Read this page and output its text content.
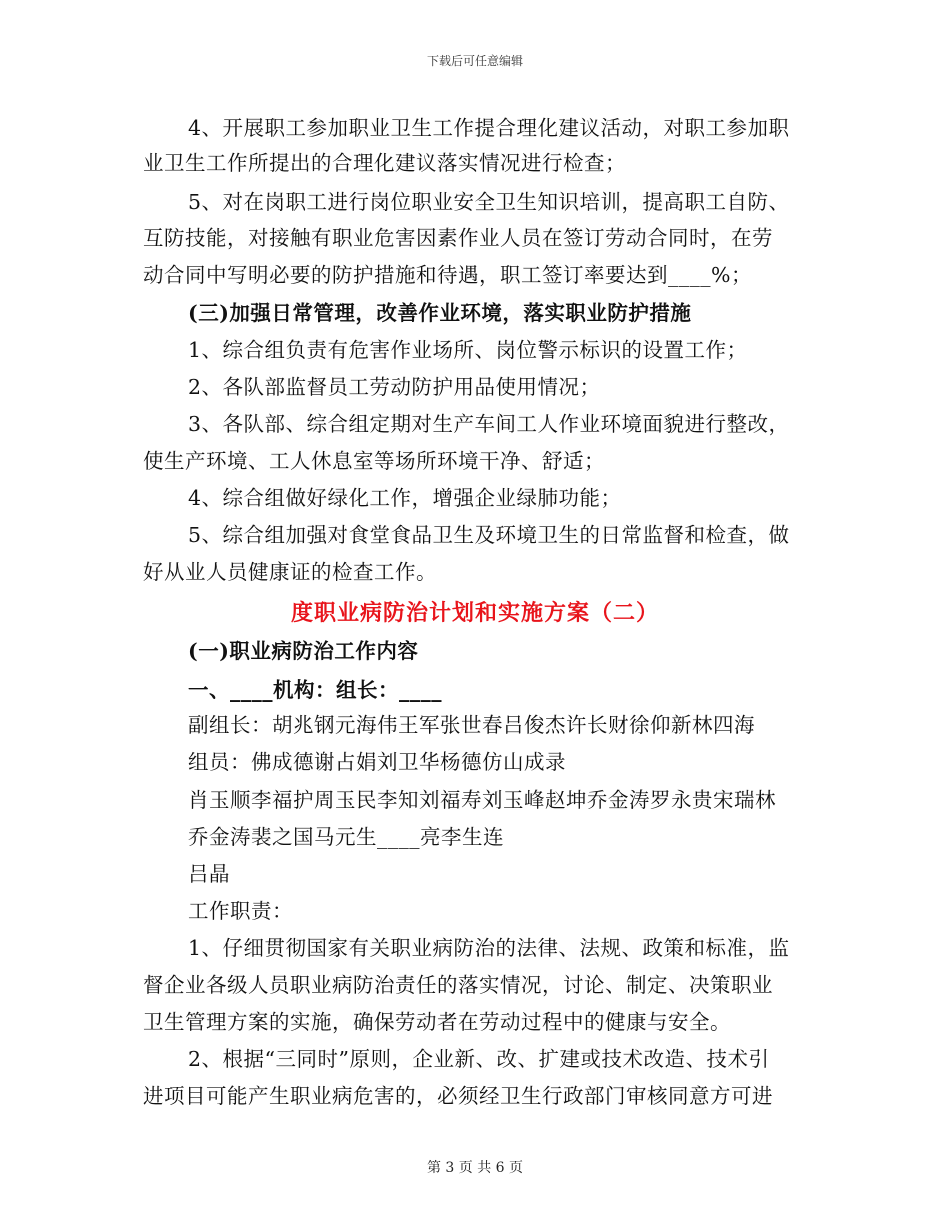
下载后可任意编辑
4、开展职工参加职业卫生工作提合理化建议活动，对职工参加职
业卫生工作所提出的合理化建议落实情况进行检查；
5、对在岗职工进行岗位职业安全卫生知识培训，提高职工自防、
互防技能，对接触有职业危害因素作业人员在签订劳动合同时，在劳
动合同中写明必要的防护措施和待遇，职工签订率要达到____%；
(三)加强日常管理，改善作业环境，落实职业防护措施
1、综合组负责有危害作业场所、岗位警示标识的设置工作；
2、各队部监督员工劳动防护用品使用情况；
3、各队部、综合组定期对生产车间工人作业环境面貌进行整改，
使生产环境、工人休息室等场所环境干净、舒适；
4、综合组做好绿化工作，增强企业绿肺功能；
5、综合组加强对食堂食品卫生及环境卫生的日常监督和检查，做
好从业人员健康证的检查工作。
度职业病防治计划和实施方案（二）
(一)职业病防治工作内容
一、____机构：组长：____
副组长：胡兆钢元海伟王军张世春吕俊杰许长财徐仰新林四海
组员：佛成德谢占娟刘卫华杨德仿山成录
肖玉顺李福护周玉民李知刘福寿刘玉峰赵坤乔金涛罗永贵宋瑞林
乔金涛裴之国马元生____亮李生连
吕晶
工作职责：
1、仔细贯彻国家有关职业病防治的法律、法规、政策和标准，监
督企业各级人员职业病防治责任的落实情况，讨论、制定、决策职业
卫生管理方案的实施，确保劳动者在劳动过程中的健康与安全。
2、根据“三同时”原则，企业新、改、扩建或技术改造、技术引
进项目可能产生职业病危害的，必须经卫生行政部门审核同意方可进
第 3 页 共 6 页
